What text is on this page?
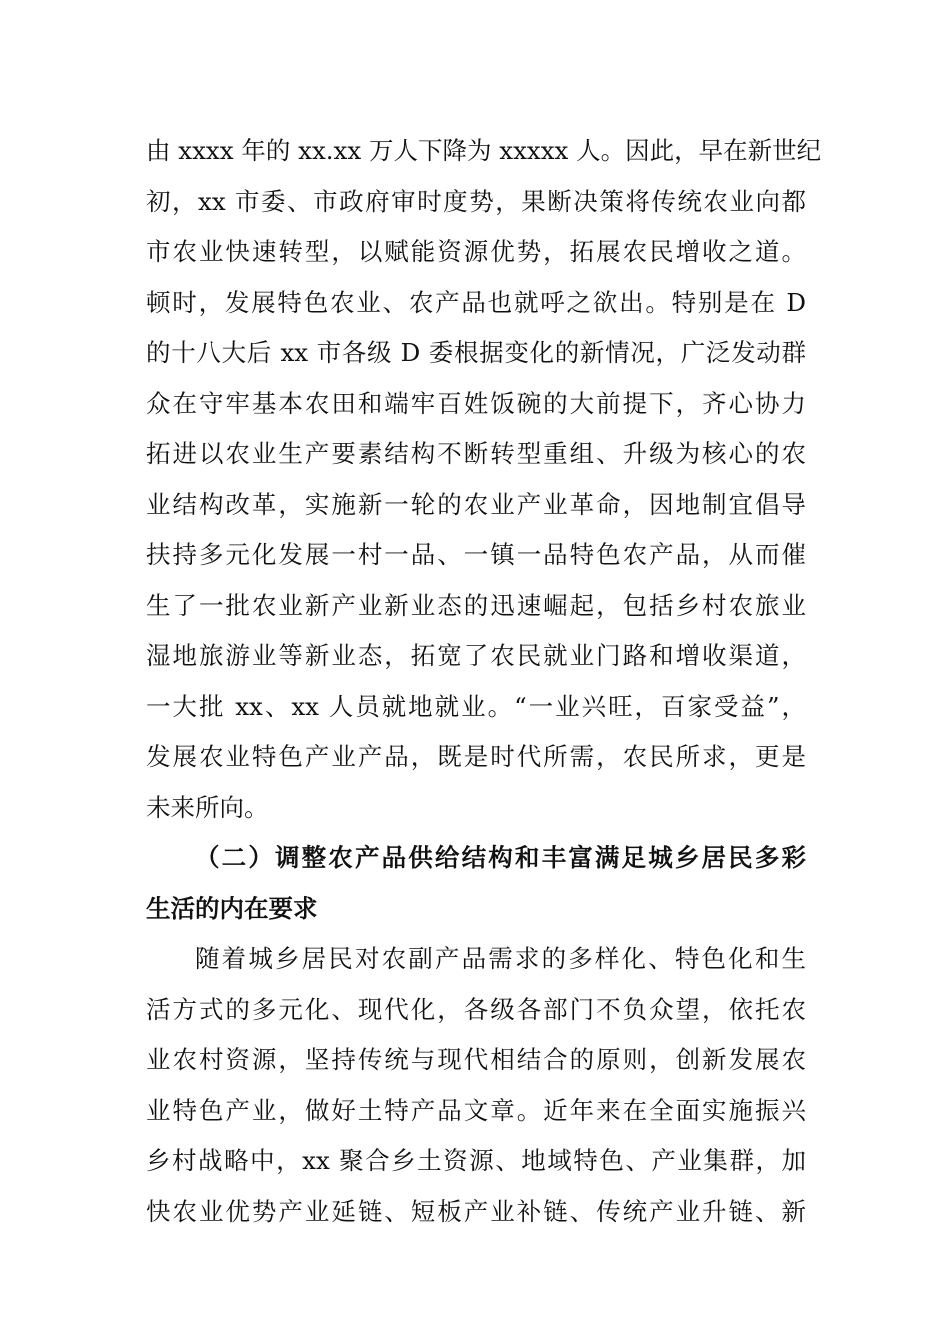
由 xxxx 年的 xx.xx 万人下降为 xxxxx 人。因此，早在新世纪
初，xx 市委、市政府审时度势，果断决策将传统农业向都
市农业快速转型，以赋能资源优势，拓展农民增收之道。
顿时，发展特色农业、农产品也就呼之欲出。特别是在 D
的十八大后 xx 市各级 D 委根据变化的新情况，广泛发动群
众在守牢基本农田和端牢百姓饭碗的大前提下，齐心协力
拓进以农业生产要素结构不断转型重组、升级为核心的农
业结构改革，实施新一轮的农业产业革命，因地制宜倡导
扶持多元化发展一村一品、一镇一品特色农产品，从而催
生了一批农业新产业新业态的迅速崛起，包括乡村农旅业
湿地旅游业等新业态，拓宽了农民就业门路和增收渠道，
一大批 xx、xx 人员就地就业。“一业兴旺，百家受益”，
发展农业特色产业产品，既是时代所需，农民所求，更是
未来所向。
（二）调整农产品供给结构和丰富满足城乡居民多彩
生活的内在要求
随着城乡居民对农副产品需求的多样化、特色化和生
活方式的多元化、现代化，各级各部门不负众望，依托农
业农村资源，坚持传统与现代相结合的原则，创新发展农
业特色产业，做好土特产品文章。近年来在全面实施振兴
乡村战略中，xx 聚合乡土资源、地域特色、产业集群，加
快农业优势产业延链、短板产业补链、传统产业升链、新
